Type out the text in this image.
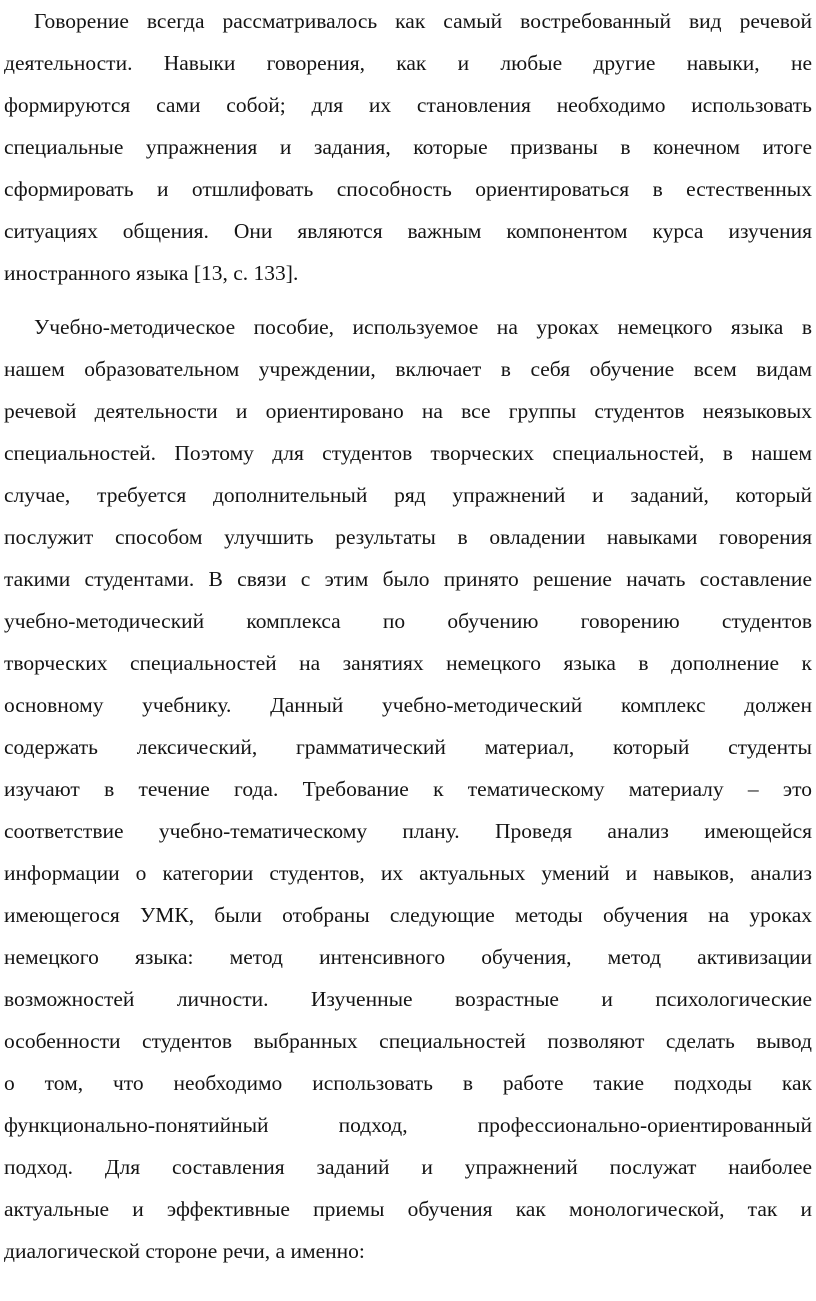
Говорение всегда рассматривалось как самый востребованный вид речевой
деятельности. Навыки говорения, как и любые другие навыки, не
формируются сами собой; для их становления необходимо использовать
специальные упражнения и задания, которые призваны в конечном итоге
сформировать и отшлифовать способность ориентироваться в естественных
ситуациях общения. Они являются важным компонентом курса изучения
иностранного языка [13, с. 133].
Учебно-методическое пособие, используемое на уроках немецкого языка в
нашем образовательном учреждении, включает в себя обучение всем видам
речевой деятельности и ориентировано на все группы студентов неязыковых
специальностей. Поэтому для студентов творческих специальностей, в нашем
случае, требуется дополнительный ряд упражнений и заданий, который
послужит способом улучшить результаты в овладении навыками говорения
такими студентами. В связи с этим было принято решение начать составление
учебно-методический комплекса по обучению говорению студентов
творческих специальностей на занятиях немецкого языка в дополнение к
основному учебнику. Данный учебно-методический комплекс должен
содержать лексический, грамматический материал, который студенты
изучают в течение года. Требование к тематическому материалу – это
соответствие учебно-тематическому плану. Проведя анализ имеющейся
информации о категории студентов, их актуальных умений и навыков, анализ
имеющегося УМК, были отобраны следующие методы обучения на уроках
немецкого языка: метод интенсивного обучения, метод активизации
возможностей личности. Изученные возрастные и психологические
особенности студентов выбранных специальностей позволяют сделать вывод
о том, что необходимо использовать в работе такие подходы как
функционально-понятийный подход, профессионально-ориентированный
подход. Для составления заданий и упражнений послужат наиболее
актуальные и эффективные приемы обучения как монологической, так и
диалогической стороне речи, а именно:
